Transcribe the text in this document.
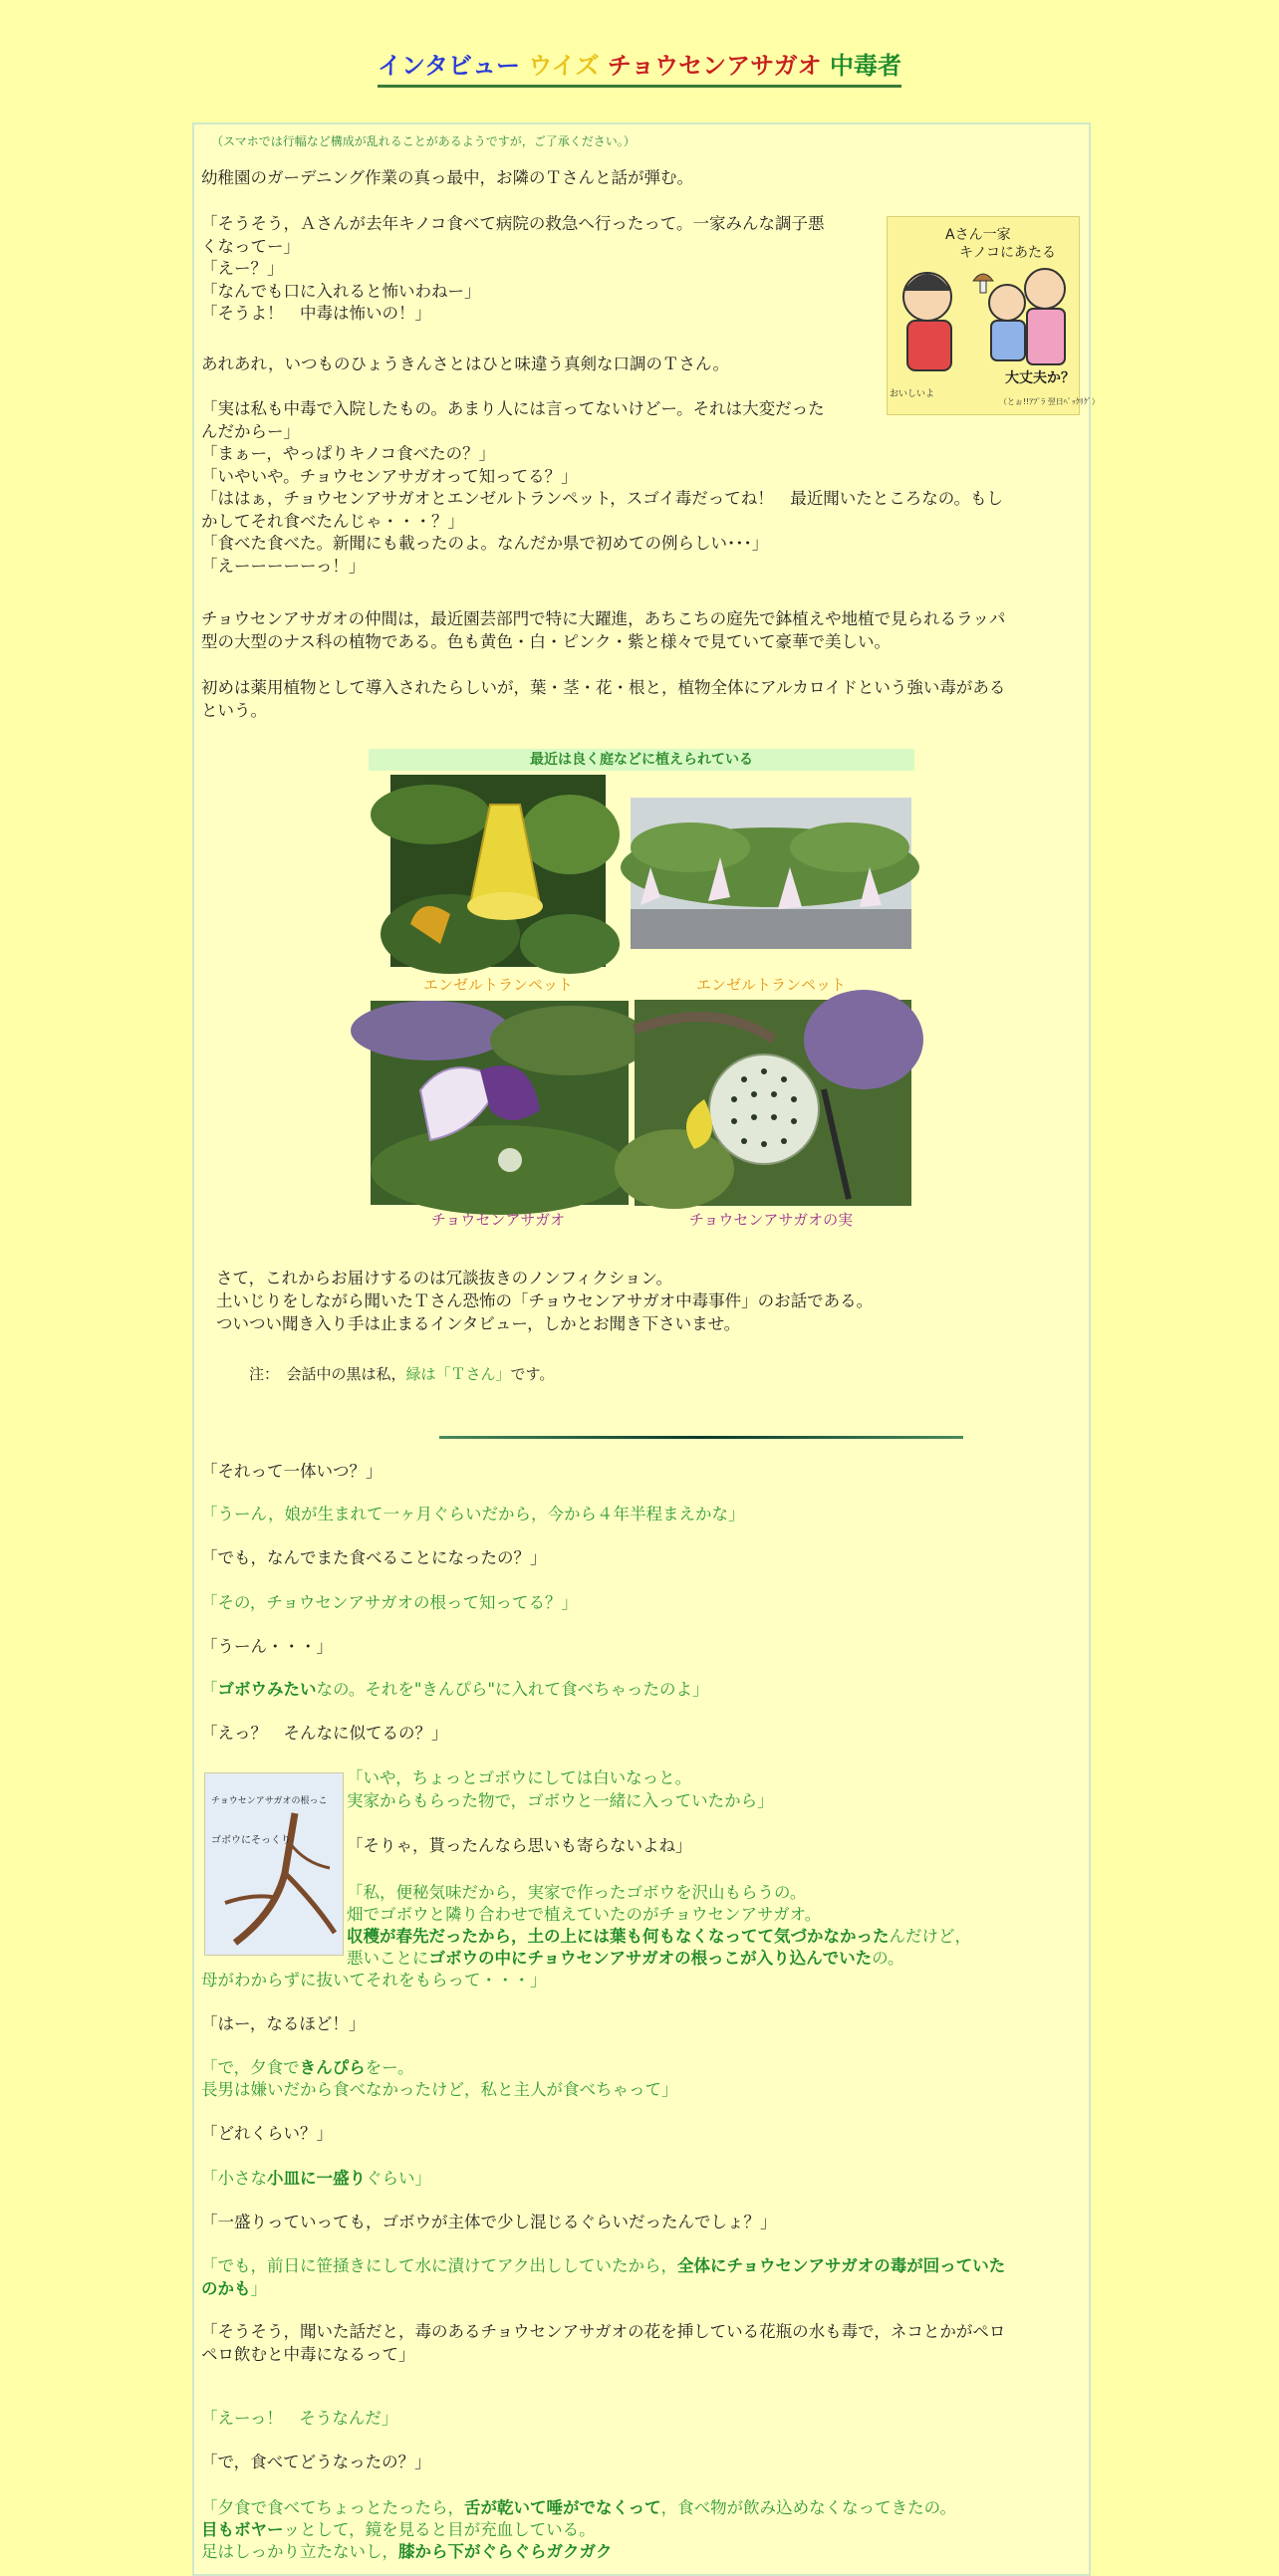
インタビュー ウイズ チョウセンアサガオ 中毒者
（スマホでは行幅など構成が乱れることがあるようですが，ご了承ください。）
幼稚園のガーデニング作業の真っ最中，お隣のＴさんと話が弾む。
「そうそう，Ａさんが去年キノコ食べて病院の救急へ行ったって。一家みんな調子悪
くなってー」
「えー？」
「なんでも口に入れると怖いわねー」
「そうよ！　中毒は怖いの！」
あれあれ，いつものひょうきんさとはひと味違う真剣な口調のＴさん。
「実は私も中毒で入院したもの。あまり人には言ってないけどー。それは大変だった
んだからー」
「まぁー，やっぱりキノコ食べたの？」
「いやいや。チョウセンアサガオって知ってる？」
「ははぁ，チョウセンアサガオとエンゼルトランペット，スゴイ毒だってね！　最近聞いたところなの。もし
かしてそれ食べたんじゃ・・・？」
「食べた食べた。新聞にも載ったのよ。なんだか県で初めての例らしい･･･」
「えーーーーーっ！」
チョウセンアサガオの仲間は，最近園芸部門で特に大躍進，あちこちの庭先で鉢植えや地植で見られるラッパ
型の大型のナス科の植物である。色も黄色・白・ピンク・紫と様々で見ていて豪華で美しい。
初めは薬用植物として導入されたらしいが，葉・茎・花・根と，植物全体にアルカロイドという強い毒がある
という。
Aさん一家
キノコにあたる
大丈夫か？
おいしいよ
（とぉ!!ｱﾌﾟﾗ 翌日ﾍﾟｯｸﾘｸﾞ）
最近は良く庭などに植えられている
エンゼルトランペット	エンゼルトランペット
チョウセンアサガオ	チョウセンアサガオの実
さて，これからお届けするのは冗談抜きのノンフィクション。
土いじりをしながら聞いたＴさん恐怖の「チョウセンアサガオ中毒事件」のお話である。
ついつい聞き入り手は止まるインタビュー，しかとお聞き下さいませ。
注：　会話中の黒は私，緑は「Ｔさん」です。
「それって一体いつ？」
「うーん，娘が生まれて一ヶ月ぐらいだから，今から４年半程まえかな」
「でも，なんでまた食べることになったの？」
「その，チョウセンアサガオの根って知ってる？」
「うーん・・・」
「ゴボウみたいなの。それを"きんぴら"に入れて食べちゃったのよ」
「えっ？　そんなに似てるの？」
ゴボウにそっくり
チョウセンアサガオの根っこ
「いや，ちょっとゴボウにしては白いなっと。
実家からもらった物で，ゴボウと一緒に入っていたから」
「そりゃ，貰ったんなら思いも寄らないよね」
「私，便秘気味だから，実家で作ったゴボウを沢山もらうの。
畑でゴボウと隣り合わせで植えていたのがチョウセンアサガオ。
収穫が春先だったから，土の上には葉も何もなくなってて気づかなかったんだけど，
悪いことにゴボウの中にチョウセンアサガオの根っこが入り込んでいたの。
母がわからずに抜いてそれをもらって・・・」
「はー，なるほど！」
「で，夕食できんぴらをー。
長男は嫌いだから食べなかったけど，私と主人が食べちゃって」
「どれくらい？」
「小さな小皿に一盛りぐらい」
「一盛りっていっても，ゴボウが主体で少し混じるぐらいだったんでしょ？」
「でも，前日に笹掻きにして水に漬けてアク出ししていたから，全体にチョウセンアサガオの毒が回っていた
のかも」
「そうそう，聞いた話だと，毒のあるチョウセンアサガオの花を挿している花瓶の水も毒で，ネコとかがペロ
ペロ飲むと中毒になるって」
「えーっ！　そうなんだ」
「で，食べてどうなったの？」
「夕食で食べてちょっとたったら，舌が乾いて唾がでなくって，食べ物が飲み込めなくなってきたの。
目もボヤーッとして，鏡を見ると目が充血している。
足はしっかり立たないし，膝から下がぐらぐらガクガク
